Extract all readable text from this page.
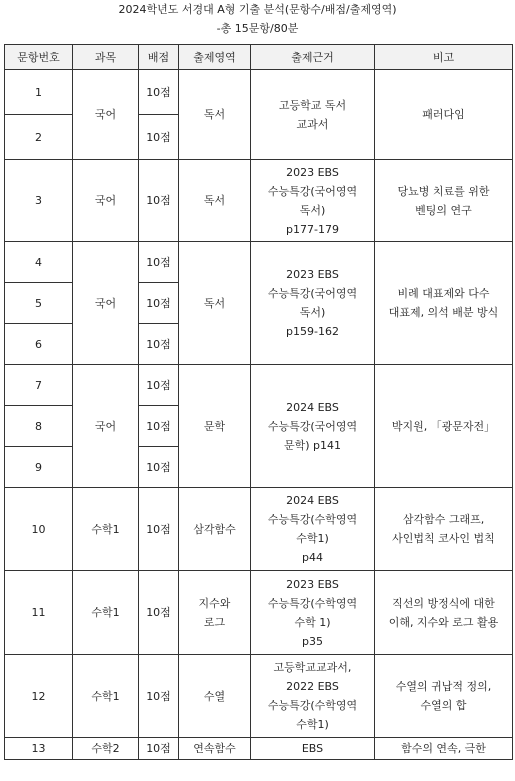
2024학년도 서경대 A형 기출 분석(문항수/배점/출제영역)
-총 15문항/80분
문항번호	과목	배점	출제영역	출제근거	비고
1	국어	10점	독서	고등학교 독서
교과서	패러다임
2		10점			
3	국어	10점	독서	2023 EBS
수능특강(국어영역
독서)
p177-179	당뇨병 치료를 위한
벤팅의 연구
4	국어	10점	독서	2023 EBS
수능특강(국어영역
독서)
p159-162	비례 대표제와 다수
대표제, 의석 배분 방식
5		10점			
6		10점			
7	국어	10점	문학	2024 EBS
수능특강(국어영역
문학) p141	박지원, 「광문자전」
8		10점			
9		10점			
10	수학1	10점	삼각함수	2024 EBS
수능특강(수학영역
수학1)
p44	삼각함수 그래프,
사인법칙 코사인 법칙
11	수학1	10점	지수와
로그	2023 EBS
수능특강(수학영역
수학 1)
p35	직선의 방정식에 대한
이해, 지수와 로그 활용
12	수학1	10점	수열	고등학교교과서,
2022 EBS
수능특강(수학영역
수학1)	수열의 귀납적 정의,
수열의 합
13	수학2	10점	연속함수	EBS	함수의 연속, 극한
